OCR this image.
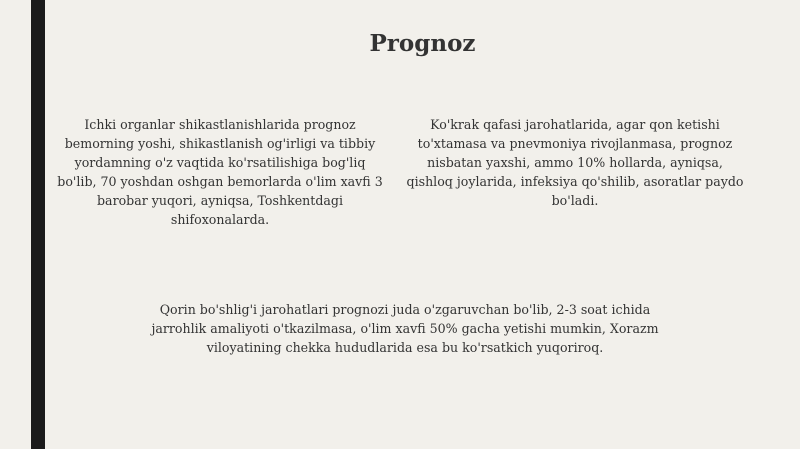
Prognoz

Ichki organlar shikastlanishlarida prognoz bemorning yoshi, shikastlanish og'irligi va tibbiy yordamning o'z vaqtida ko'rsatilishiga bog'liq bo'lib, 70 yoshdan oshgan bemorlarda o'lim xavfi 3 barobar yuqori, ayniqsa, Toshkentdagi shifoxonalarda.

Ko'krak qafasi jarohatlarida, agar qon ketishi to'xtamasa va pnevmoniya rivojlanmasa, prognoz nisbatan yaxshi, ammo 10% hollarda, ayniqsa, qishloq joylarida, infeksiya qo'shilib, asoratlar paydo bo'ladi.

Qorin bo'shlig'i jarohatlari prognozi juda o'zgaruvchan bo'lib, 2-3 soat ichida jarrohlik amaliyoti o'tkazilmasa, o'lim xavfi 50% gacha yetishi mumkin, Xorazm viloyatining chekka hududlarida esa bu ko'rsatkich yuqoriroq.
